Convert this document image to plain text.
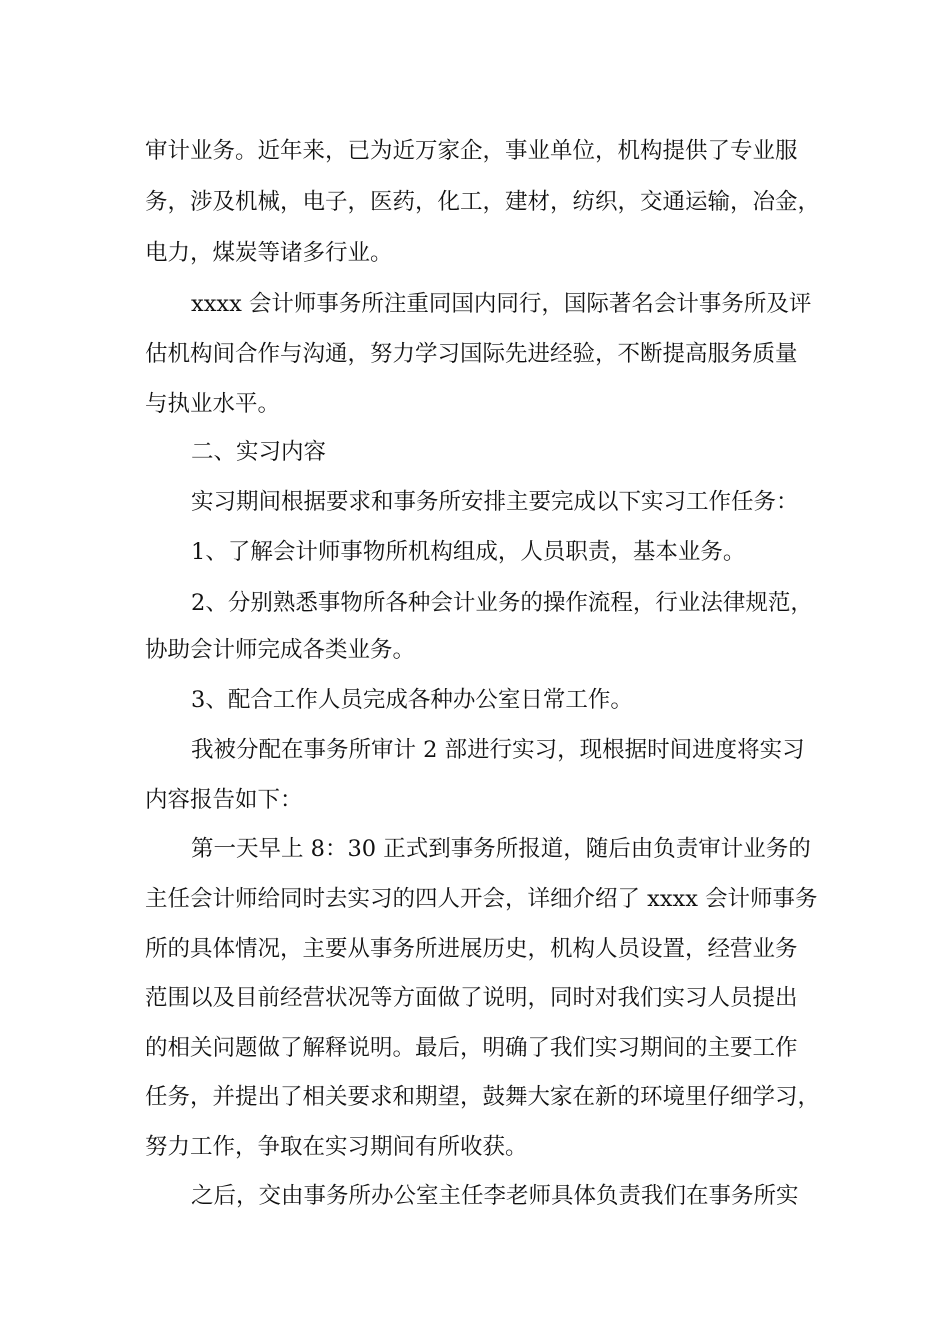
审计业务。近年来，已为近万家企，事业单位，机构提供了专业服

务，涉及机械，电子，医药，化工，建材，纺织，交通运输，冶金，

电力，煤炭等诸多行业。

xxxx 会计师事务所注重同国内同行，国际著名会计事务所及评

估机构间合作与沟通，努力学习国际先进经验，不断提高服务质量

与执业水平。

二、实习内容

实习期间根据要求和事务所安排主要完成以下实习工作任务：

1、了解会计师事物所机构组成，人员职责，基本业务。

2、分别熟悉事物所各种会计业务的操作流程，行业法律规范，

协助会计师完成各类业务。

3、配合工作人员完成各种办公室日常工作。

我被分配在事务所审计 2 部进行实习，现根据时间进度将实习

内容报告如下：

第一天早上 8：30 正式到事务所报道，随后由负责审计业务的

主任会计师给同时去实习的四人开会，详细介绍了 xxxx 会计师事务

所的具体情况，主要从事务所进展历史，机构人员设置，经营业务

范围以及目前经营状况等方面做了说明，同时对我们实习人员提出

的相关问题做了解释说明。最后，明确了我们实习期间的主要工作

任务，并提出了相关要求和期望，鼓舞大家在新的环境里仔细学习，

努力工作，争取在实习期间有所收获。

之后，交由事务所办公室主任李老师具体负责我们在事务所实
